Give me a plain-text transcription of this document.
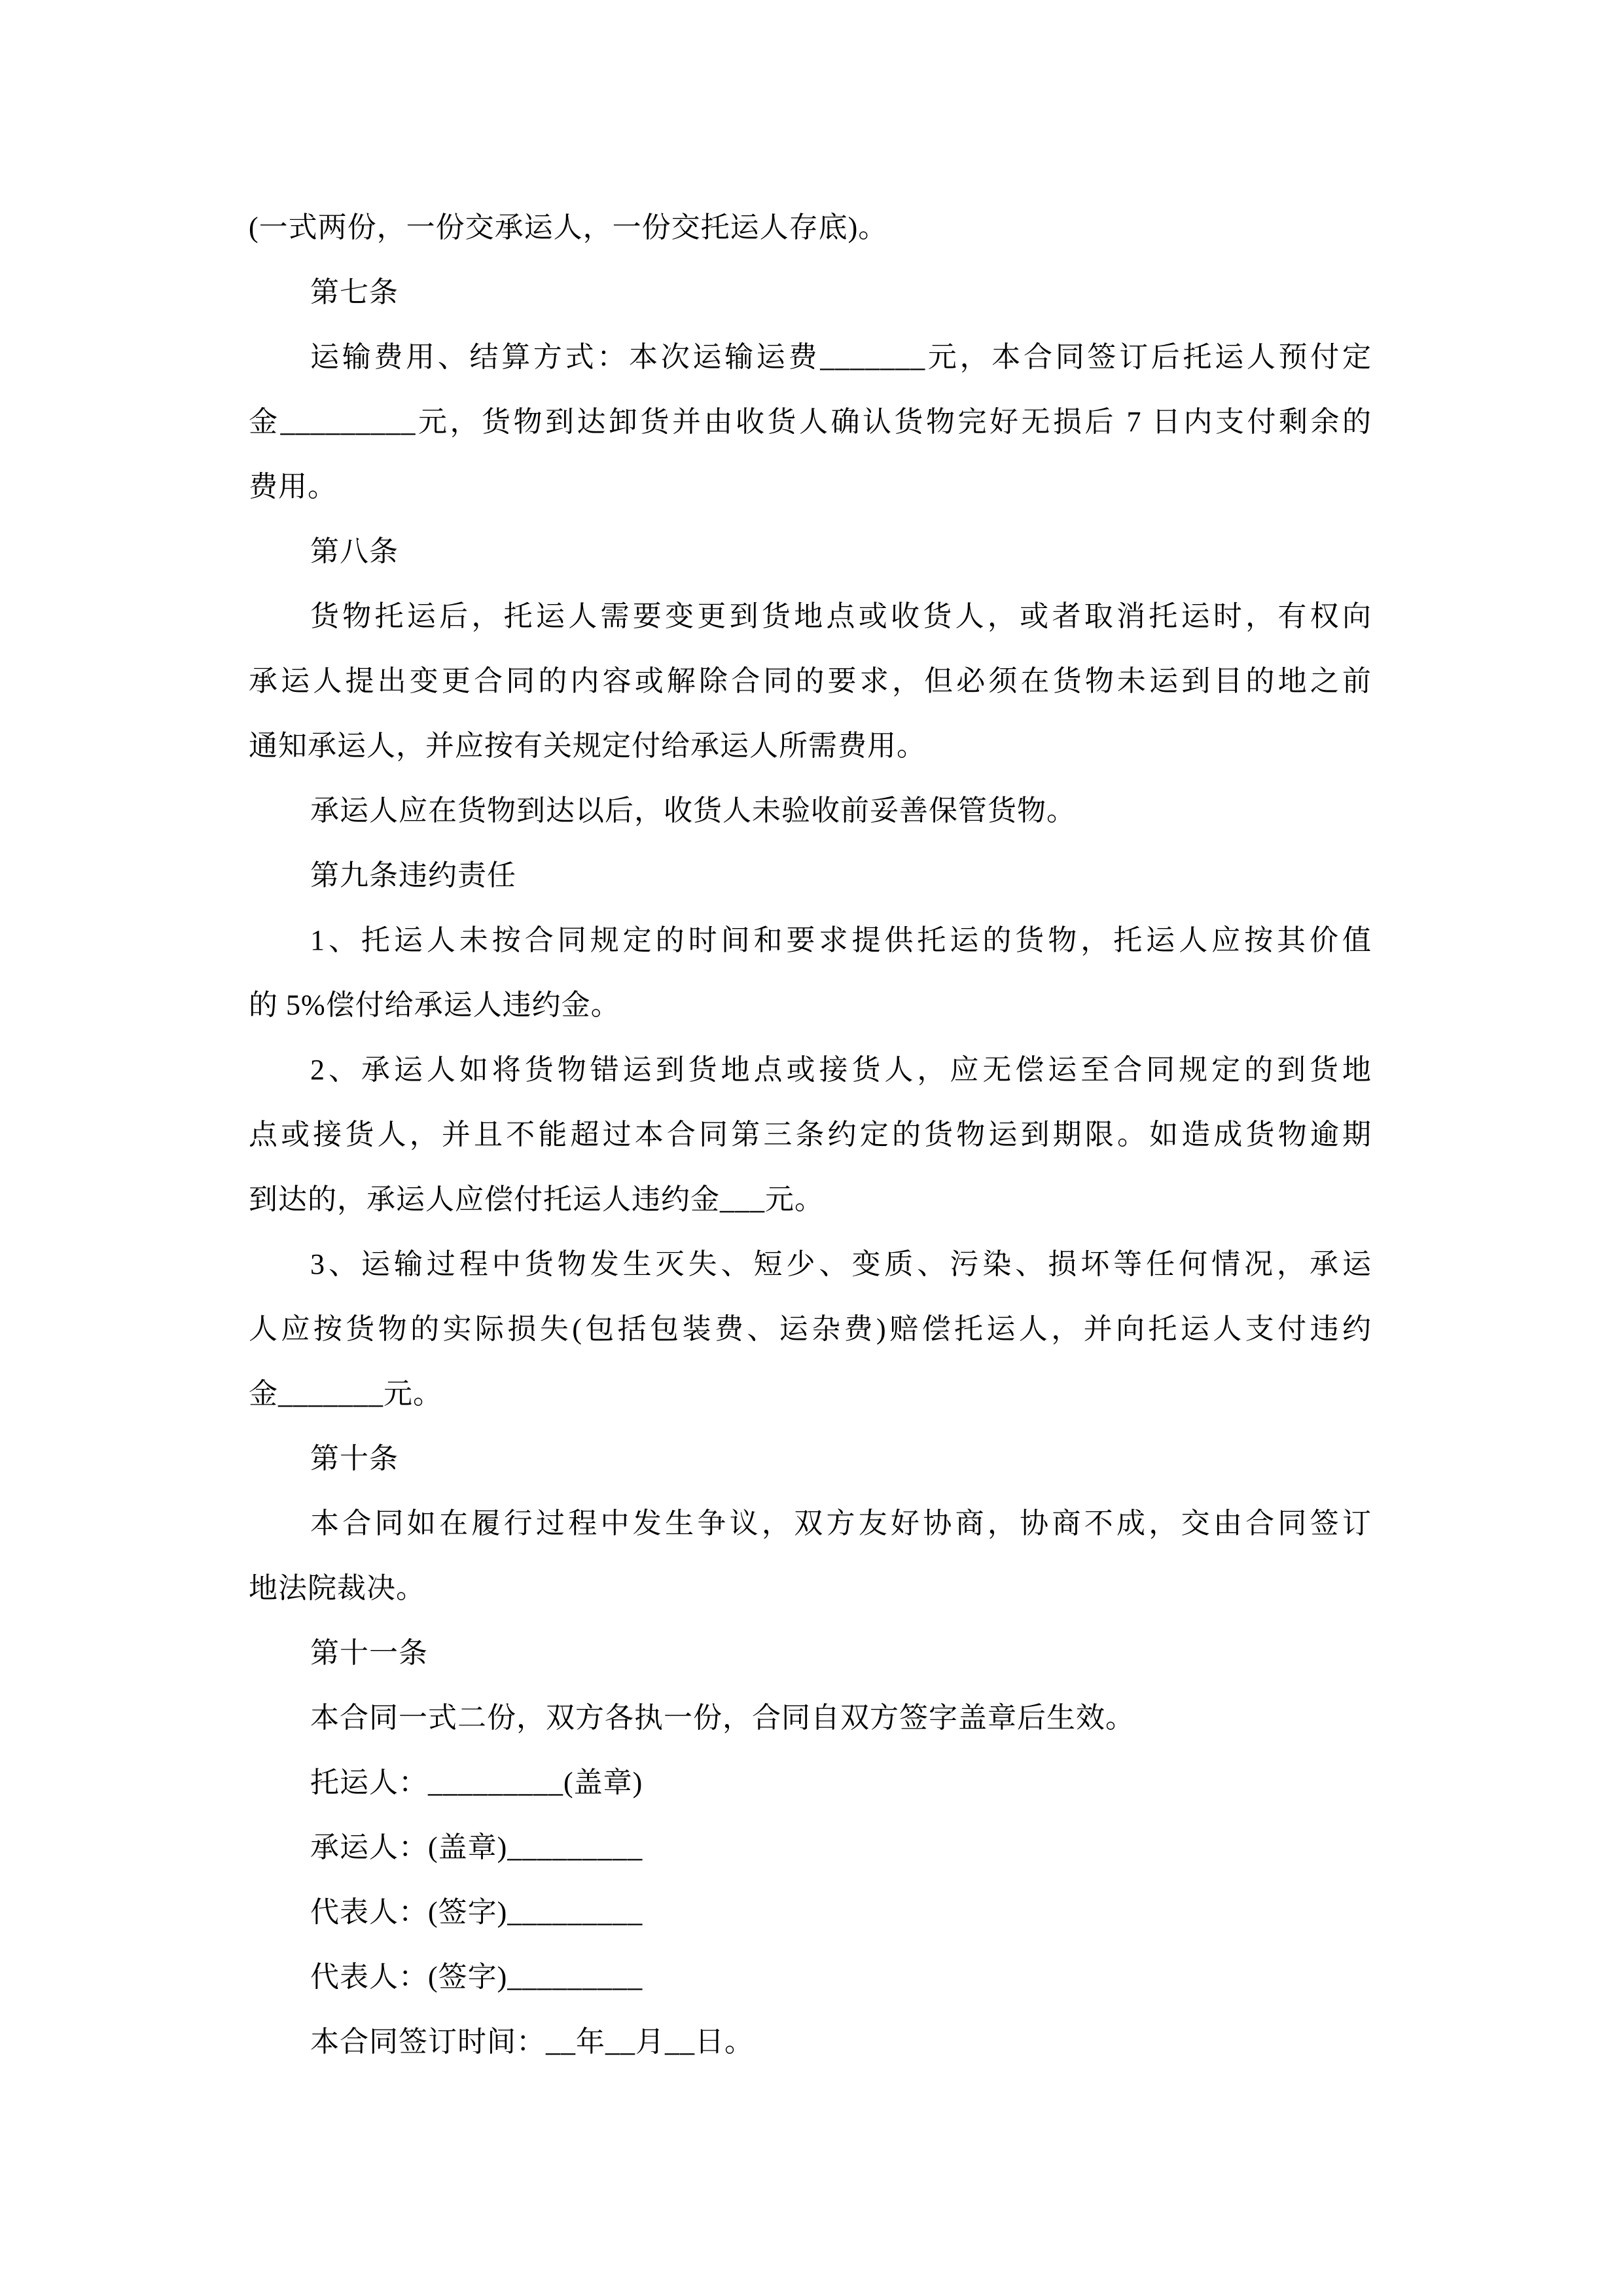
(一式两份，一份交承运人，一份交托运人存底)。
第七条
运输费用、结算方式：本次运输运费_______元，本合同签订后托运人预付定
金_________元，货物到达卸货并由收货人确认货物完好无损后 7 日内支付剩余的
费用。
第八条
货物托运后，托运人需要变更到货地点或收货人，或者取消托运时，有权向
承运人提出变更合同的内容或解除合同的要求，但必须在货物未运到目的地之前
通知承运人，并应按有关规定付给承运人所需费用。
承运人应在货物到达以后，收货人未验收前妥善保管货物。
第九条违约责任
1、托运人未按合同规定的时间和要求提供托运的货物，托运人应按其价值
的 5%偿付给承运人违约金。
2、承运人如将货物错运到货地点或接货人，应无偿运至合同规定的到货地
点或接货人，并且不能超过本合同第三条约定的货物运到期限。如造成货物逾期
到达的，承运人应偿付托运人违约金___元。
3、运输过程中货物发生灭失、短少、变质、污染、损坏等任何情况，承运
人应按货物的实际损失(包括包装费、运杂费)赔偿托运人，并向托运人支付违约
金_______元。
第十条
本合同如在履行过程中发生争议，双方友好协商，协商不成，交由合同签订
地法院裁决。
第十一条
本合同一式二份，双方各执一份，合同自双方签字盖章后生效。
托运人：_________(盖章)
承运人：(盖章)_________
代表人：(签字)_________
代表人：(签字)_________
本合同签订时间：__年__月__日。
